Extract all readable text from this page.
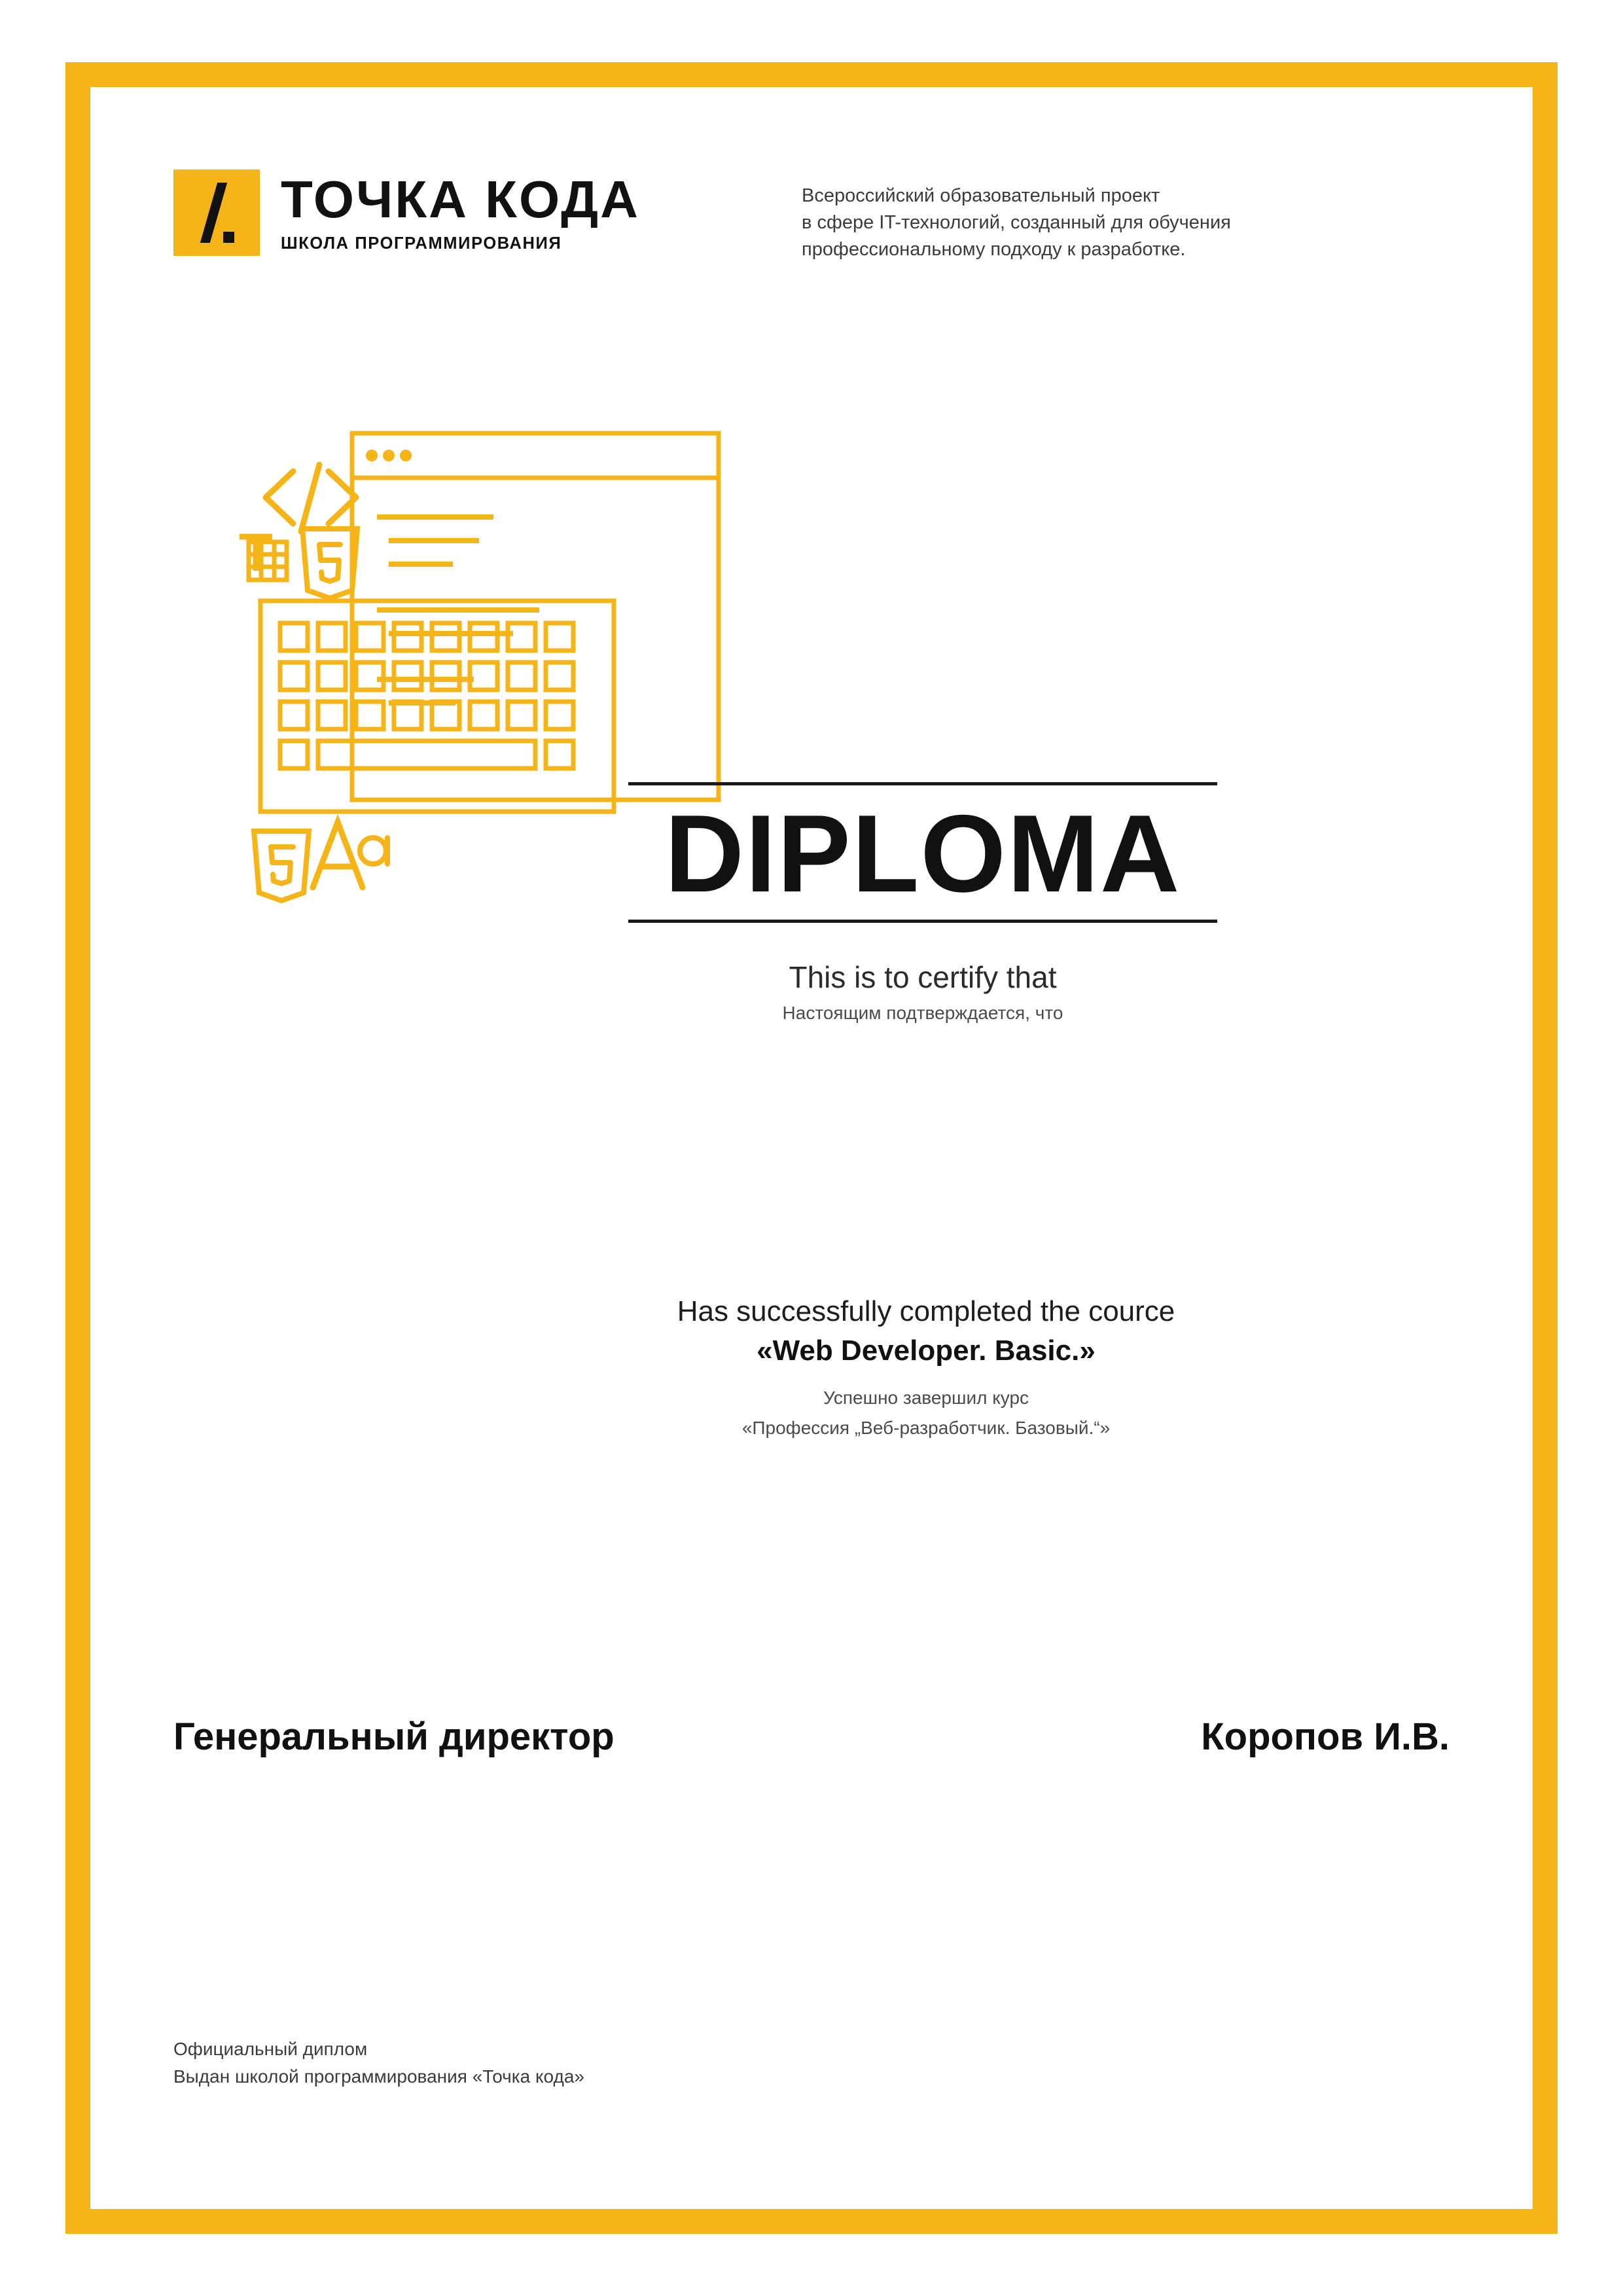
ТОЧКА КОДА
ШКОЛА ПРОГРАММИРОВАНИЯ
Всероссийский образовательный проект
в сфере IT-технологий, созданный для обучения
профессиональному подходу к разработке.
DIPLOMA
This is to certify that
Настоящим подтверждается, что
Has successfully completed the cource
«Web Developer. Basic.»
Успешно завершил курс
«Профессия „Веб-разработчик. Базовый.“»
Генеральный директор	Коропов И.В.
Официальный диплом
Выдан школой программирования «Точка кода»
